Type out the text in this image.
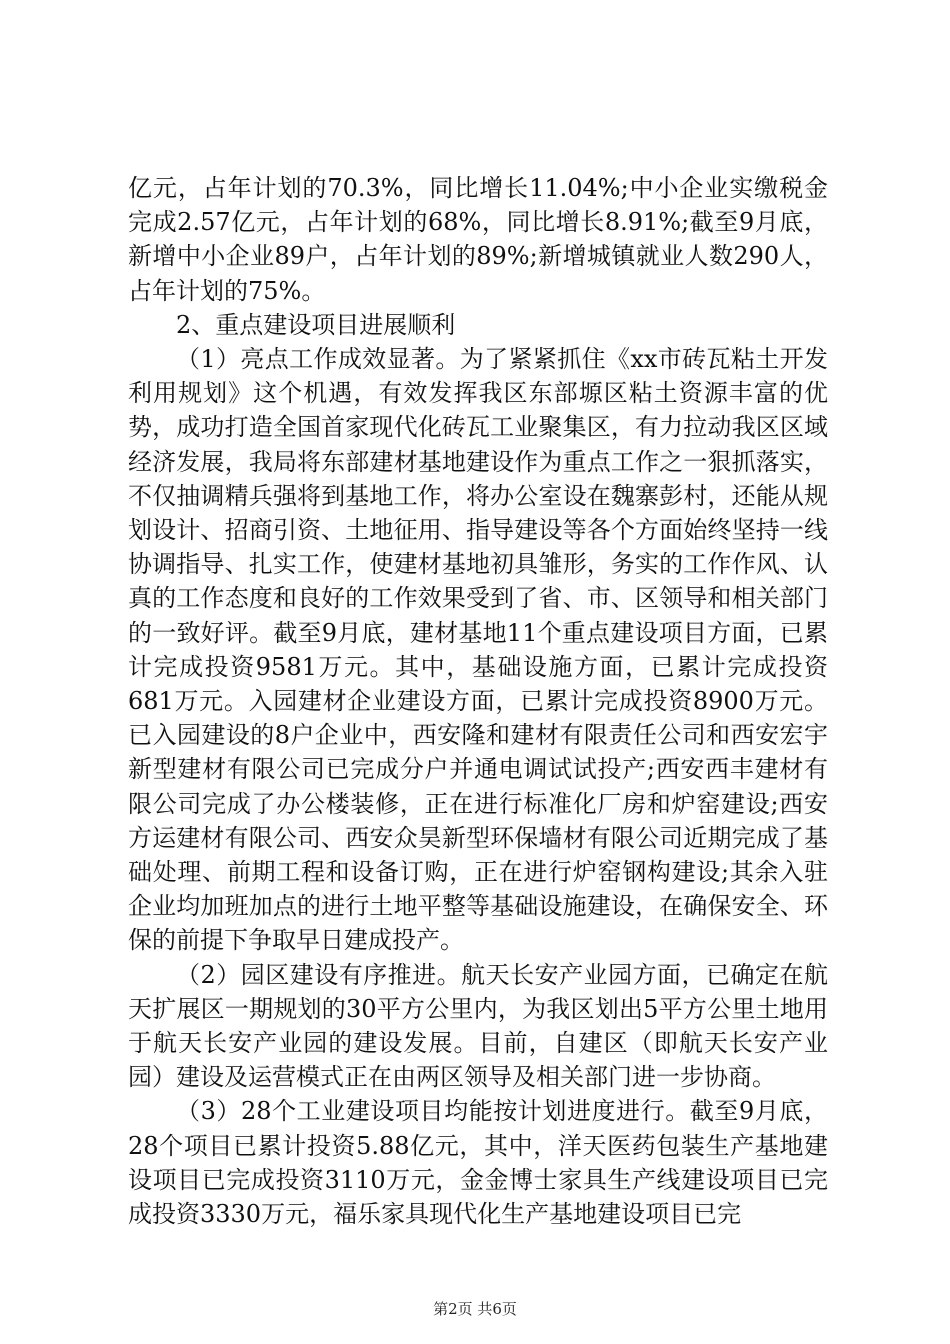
亿元，占年计划的70.3%，同比增长11.04%;中小企业实缴税金完成2.57亿元，占年计划的68%，同比增长8.91%;截至9月底，新增中小企业89户，占年计划的89%;新增城镇就业人数290人，占年计划的75%。

2、重点建设项目进展顺利

（1）亮点工作成效显著。为了紧紧抓住《xx市砖瓦粘土开发利用规划》这个机遇，有效发挥我区东部塬区粘土资源丰富的优势，成功打造全国首家现代化砖瓦工业聚集区，有力拉动我区区域经济发展，我局将东部建材基地建设作为重点工作之一狠抓落实，不仅抽调精兵强将到基地工作，将办公室设在魏寨彭村，还能从规划设计、招商引资、土地征用、指导建设等各个方面始终坚持一线协调指导、扎实工作，使建材基地初具雏形，务实的工作作风、认真的工作态度和良好的工作效果受到了省、市、区领导和相关部门的一致好评。截至9月底，建材基地11个重点建设项目方面，已累计完成投资9581万元。其中，基础设施方面，已累计完成投资681万元。入园建材企业建设方面，已累计完成投资8900万元。已入园建设的8户企业中，西安隆和建材有限责任公司和西安宏宇新型建材有限公司已完成分户并通电调试试投产;西安西丰建材有限公司完成了办公楼装修，正在进行标准化厂房和炉窑建设;西安方运建材有限公司、西安众昊新型环保墙材有限公司近期完成了基础处理、前期工程和设备订购，正在进行炉窑钢构建设;其余入驻企业均加班加点的进行土地平整等基础设施建设，在确保安全、环保的前提下争取早日建成投产。

（2）园区建设有序推进。航天长安产业园方面，已确定在航天扩展区一期规划的30平方公里内，为我区划出5平方公里土地用于航天长安产业园的建设发展。目前，自建区（即航天长安产业园）建设及运营模式正在由两区领导及相关部门进一步协商。

（3）28个工业建设项目均能按计划进度进行。截至9月底，28个项目已累计投资5.88亿元，其中，洋天医药包装生产基地建设项目已完成投资3110万元，金金博士家具生产线建设项目已完成投资3330万元，福乐家具现代化生产基地建设项目已完

第2页 共6页
